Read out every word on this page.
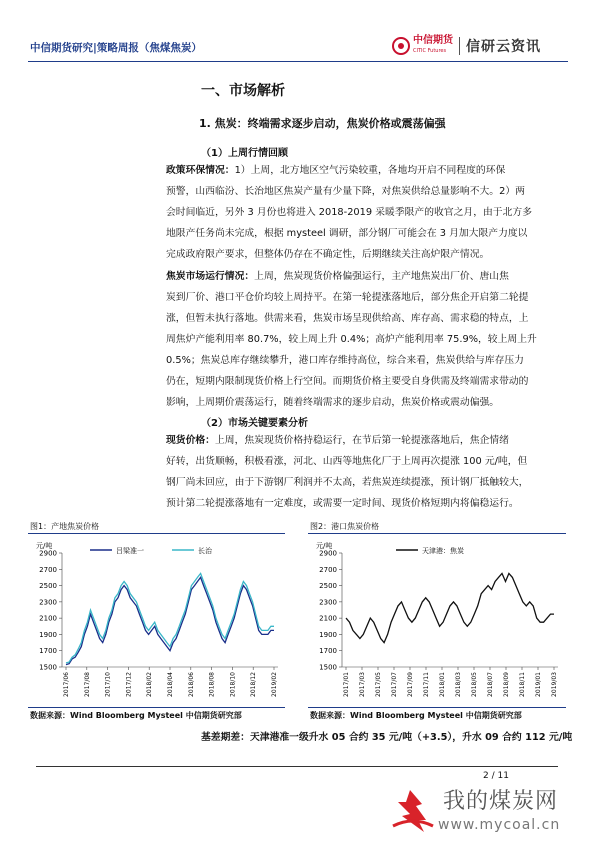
中信期货研究|策略周报（焦煤焦炭）
中信期货
CITIC Futures	信研云资讯
一、市场解析
1. 焦炭：终端需求逐步启动，焦炭价格或震荡偏强
（1）上周行情回顾
政策环保情况：1）上周，北方地区空气污染较重，各地均开启不同程度的环保
预警，山西临汾、长治地区焦炭产量有少量下降，对焦炭供给总量影响不大。2）两
会时间临近，另外 3 月份也将进入 2018-2019 采暖季限产的收官之月，由于北方多
地限产任务尚未完成，根据 mysteel 调研，部分钢厂可能会在 3 月加大限产力度以
完成政府限产要求，但整体仍存在不确定性，后期继续关注高炉限产情况。
焦炭市场运行情况：上周，焦炭现货价格偏强运行，主产地焦炭出厂价、唐山焦
炭到厂价、港口平仓价均较上周持平。在第一轮提涨落地后，部分焦企开启第二轮提
涨，但暂未执行落地。供需来看，焦炭市场呈现供给高、库存高、需求稳的特点，上
周焦炉产能利用率 80.7%，较上周上升 0.4%；高炉产能利用率 75.9%，较上周上升
0.5%；焦炭总库存继续攀升，港口库存维持高位，综合来看，焦炭供给与库存压力
仍在，短期内限制现货价格上行空间。而期货价格主要受自身供需及终端需求带动的
影响，上周期价震荡运行，随着终端需求的逐步启动，焦炭价格或震动偏强。
（2）市场关键要素分析
现货价格：上周，焦炭现货价格持稳运行，在节后第一轮提涨落地后，焦企情绪
好转，出货顺畅，积极看涨，河北、山西等地焦化厂于上周再次提涨 100 元/吨，但
钢厂尚未回应，由于下游钢厂利润并不太高，若焦炭连续提涨，预计钢厂抵触较大，
预计第二轮提涨落地有一定难度，或需要一定时间、现货价格短期内将偏稳运行。
图1：产地焦炭价格
元/吨
1500
1700
1900
2100
2300
2500
2700
2900
2017/06 2017/08 2017/10 2017/12 2018/02 2018/04 2018/06 2018/08 2018/10 2018/12 2019/02
吕梁准一	长治
数据来源：Wind Bloomberg Mysteel 中信期货研究部
图2：港口焦炭价格
元/吨
1500
1700
1900
2100
2300
2500
2700
2900
2017/01 2017/03 2017/05 2017/07 2017/09 2017/11 2018/01 2018/03 2018/05 2018/07 2018/09 2018/11 2019/01 2019/03
天津港：焦炭
数据来源：Wind Bloomberg Mysteel 中信期货研究部
基差期差：天津港准一级升水 05 合约 35 元/吨（+3.5），升水 09 合约 112 元/吨
2 / 11
我的煤炭网
www.mycoal.cn
